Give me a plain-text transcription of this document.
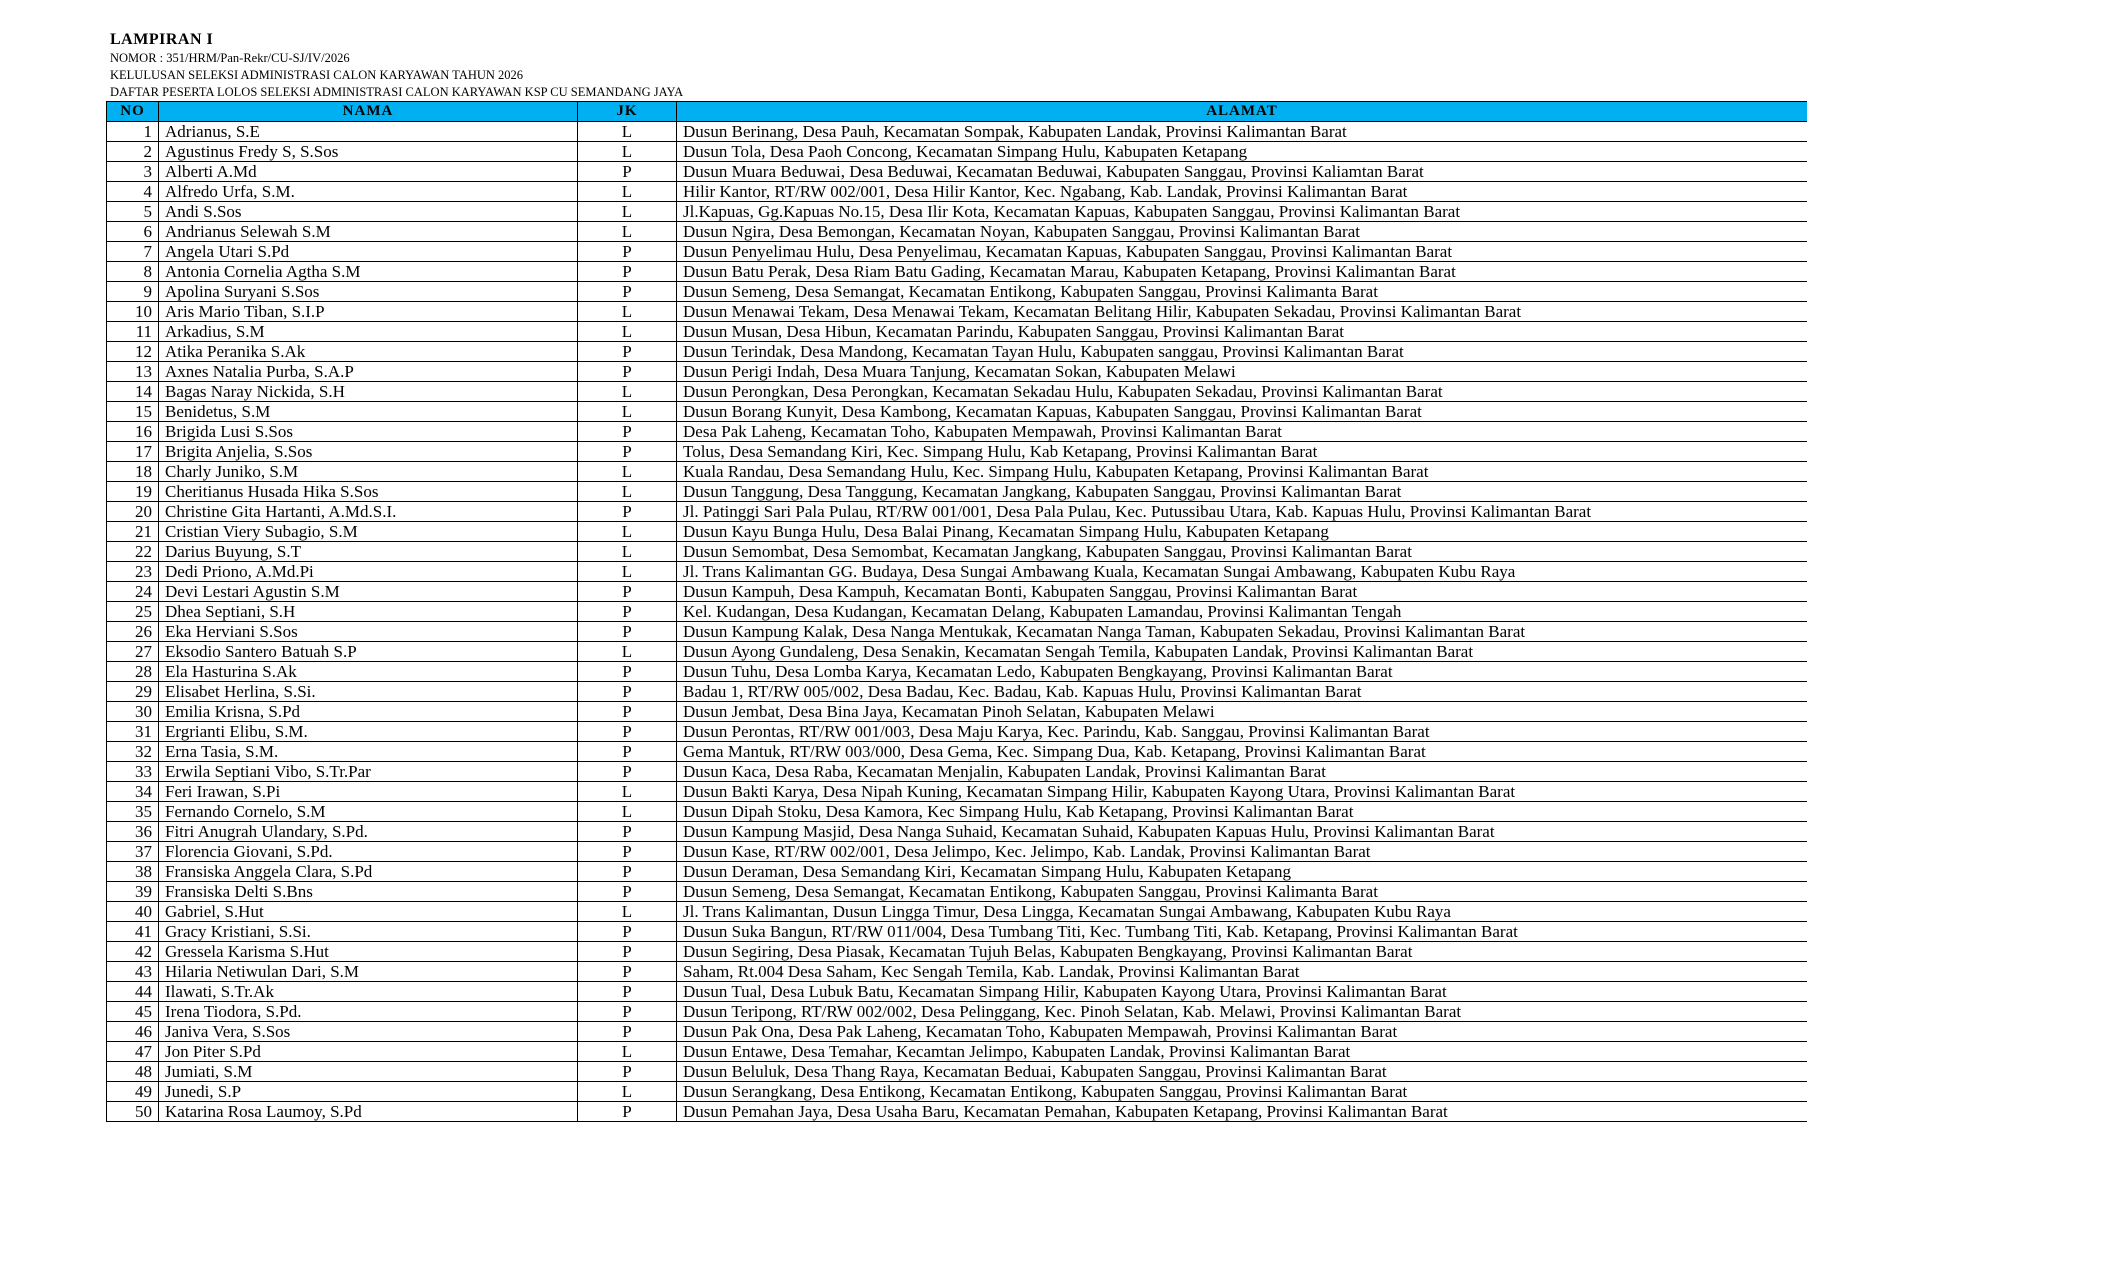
LAMPIRAN I
NOMOR : 351/HRM/Pan-Rekr/CU-SJ/IV/2026
KELULUSAN SELEKSI ADMINISTRASI CALON KARYAWAN TAHUN 2026
DAFTAR PESERTA LOLOS SELEKSI ADMINISTRASI CALON KARYAWAN KSP CU SEMANDANG JAYA
NO	NAMA	JK	ALAMAT
1	Adrianus, S.E	L	Dusun Berinang, Desa Pauh, Kecamatan Sompak, Kabupaten Landak, Provinsi Kalimantan Barat
2	Agustinus Fredy S, S.Sos	L	Dusun Tola, Desa Paoh Concong, Kecamatan Simpang Hulu, Kabupaten Ketapang
3	Alberti A.Md	P	Dusun Muara Beduwai, Desa Beduwai, Kecamatan Beduwai, Kabupaten Sanggau, Provinsi Kaliamtan Barat
4	Alfredo Urfa, S.M.	L	Hilir Kantor, RT/RW 002/001, Desa Hilir Kantor, Kec. Ngabang, Kab. Landak, Provinsi Kalimantan Barat
5	Andi S.Sos	L	Jl.Kapuas, Gg.Kapuas No.15, Desa Ilir Kota, Kecamatan Kapuas, Kabupaten Sanggau, Provinsi Kalimantan Barat
6	Andrianus Selewah S.M	L	Dusun Ngira, Desa Bemongan, Kecamatan Noyan, Kabupaten Sanggau, Provinsi Kalimantan Barat
7	Angela Utari S.Pd	P	Dusun Penyelimau Hulu, Desa Penyelimau, Kecamatan Kapuas, Kabupaten Sanggau, Provinsi Kalimantan Barat
8	Antonia Cornelia Agtha S.M	P	Dusun Batu Perak, Desa Riam Batu Gading, Kecamatan Marau, Kabupaten Ketapang, Provinsi Kalimantan Barat
9	Apolina Suryani S.Sos	P	Dusun Semeng, Desa Semangat, Kecamatan Entikong, Kabupaten Sanggau, Provinsi Kalimanta Barat
10	Aris Mario Tiban, S.I.P	L	Dusun Menawai Tekam, Desa Menawai Tekam, Kecamatan Belitang Hilir, Kabupaten Sekadau, Provinsi Kalimantan Barat
11	Arkadius, S.M	L	Dusun Musan, Desa Hibun, Kecamatan Parindu, Kabupaten Sanggau, Provinsi Kalimantan Barat
12	Atika Peranika S.Ak	P	Dusun Terindak, Desa Mandong, Kecamatan Tayan Hulu, Kabupaten sanggau, Provinsi Kalimantan Barat
13	Axnes Natalia Purba, S.A.P	P	Dusun Perigi Indah, Desa Muara Tanjung, Kecamatan Sokan, Kabupaten Melawi
14	Bagas Naray Nickida, S.H	L	Dusun Perongkan, Desa Perongkan, Kecamatan Sekadau Hulu, Kabupaten Sekadau, Provinsi Kalimantan Barat
15	Benidetus, S.M	L	Dusun Borang Kunyit, Desa Kambong, Kecamatan Kapuas, Kabupaten Sanggau, Provinsi Kalimantan Barat
16	Brigida Lusi S.Sos	P	Desa Pak Laheng, Kecamatan Toho, Kabupaten Mempawah, Provinsi Kalimantan Barat
17	Brigita Anjelia, S.Sos	P	Tolus, Desa Semandang Kiri, Kec. Simpang Hulu, Kab Ketapang, Provinsi Kalimantan Barat
18	Charly Juniko, S.M	L	Kuala Randau, Desa Semandang Hulu, Kec. Simpang Hulu, Kabupaten Ketapang, Provinsi Kalimantan Barat
19	Cheritianus Husada Hika S.Sos	L	Dusun Tanggung, Desa Tanggung, Kecamatan Jangkang, Kabupaten Sanggau, Provinsi Kalimantan Barat
20	Christine Gita Hartanti, A.Md.S.I.	P	Jl. Patinggi Sari Pala Pulau, RT/RW 001/001, Desa Pala Pulau, Kec. Putussibau Utara, Kab. Kapuas Hulu, Provinsi Kalimantan Barat
21	Cristian Viery Subagio, S.M	L	Dusun Kayu Bunga Hulu, Desa Balai Pinang, Kecamatan Simpang Hulu, Kabupaten Ketapang
22	Darius Buyung, S.T	L	Dusun Semombat, Desa Semombat, Kecamatan Jangkang, Kabupaten Sanggau, Provinsi Kalimantan Barat
23	Dedi Priono, A.Md.Pi	L	Jl. Trans Kalimantan GG. Budaya, Desa Sungai Ambawang Kuala, Kecamatan Sungai Ambawang, Kabupaten Kubu Raya
24	Devi Lestari Agustin S.M	P	Dusun Kampuh, Desa Kampuh, Kecamatan Bonti, Kabupaten Sanggau, Provinsi Kalimantan Barat
25	Dhea Septiani, S.H	P	Kel. Kudangan, Desa Kudangan, Kecamatan Delang, Kabupaten Lamandau, Provinsi Kalimantan Tengah
26	Eka Herviani S.Sos	P	Dusun Kampung Kalak, Desa Nanga Mentukak, Kecamatan Nanga Taman, Kabupaten Sekadau, Provinsi Kalimantan Barat
27	Eksodio Santero Batuah S.P	L	Dusun Ayong Gundaleng, Desa Senakin, Kecamatan Sengah Temila, Kabupaten Landak, Provinsi Kalimantan Barat
28	Ela Hasturina S.Ak	P	Dusun Tuhu, Desa Lomba Karya, Kecamatan Ledo, Kabupaten Bengkayang, Provinsi Kalimantan Barat
29	Elisabet Herlina, S.Si.	P	Badau 1, RT/RW 005/002, Desa Badau, Kec. Badau, Kab. Kapuas Hulu, Provinsi Kalimantan Barat
30	Emilia Krisna, S.Pd	P	Dusun Jembat, Desa Bina Jaya, Kecamatan Pinoh Selatan, Kabupaten Melawi
31	Ergrianti Elibu, S.M.	P	Dusun Perontas, RT/RW 001/003, Desa Maju Karya, Kec. Parindu, Kab. Sanggau, Provinsi Kalimantan Barat
32	Erna Tasia, S.M.	P	Gema Mantuk, RT/RW 003/000, Desa Gema, Kec. Simpang Dua, Kab. Ketapang, Provinsi Kalimantan Barat
33	Erwila Septiani Vibo, S.Tr.Par	P	Dusun Kaca, Desa Raba, Kecamatan Menjalin, Kabupaten Landak, Provinsi Kalimantan Barat
34	Feri Irawan, S.Pi	L	Dusun Bakti Karya, Desa Nipah Kuning, Kecamatan Simpang Hilir, Kabupaten Kayong Utara, Provinsi Kalimantan Barat
35	Fernando Cornelo, S.M	L	Dusun Dipah Stoku, Desa Kamora, Kec Simpang Hulu, Kab Ketapang, Provinsi Kalimantan Barat
36	Fitri Anugrah Ulandary, S.Pd.	P	Dusun Kampung Masjid, Desa Nanga Suhaid, Kecamatan Suhaid, Kabupaten Kapuas Hulu, Provinsi Kalimantan Barat
37	Florencia Giovani, S.Pd.	P	Dusun Kase, RT/RW 002/001, Desa Jelimpo, Kec. Jelimpo, Kab. Landak, Provinsi Kalimantan Barat
38	Fransiska Anggela Clara, S.Pd	P	Dusun Deraman, Desa Semandang Kiri, Kecamatan Simpang Hulu, Kabupaten Ketapang
39	Fransiska Delti S.Bns	P	Dusun Semeng, Desa Semangat, Kecamatan Entikong, Kabupaten Sanggau, Provinsi Kalimanta Barat
40	Gabriel, S.Hut	L	Jl. Trans Kalimantan, Dusun Lingga Timur, Desa Lingga, Kecamatan Sungai Ambawang, Kabupaten Kubu Raya
41	Gracy Kristiani, S.Si.	P	Dusun Suka Bangun, RT/RW 011/004, Desa Tumbang Titi, Kec. Tumbang Titi, Kab. Ketapang, Provinsi Kalimantan Barat
42	Gressela Karisma S.Hut	P	Dusun Segiring, Desa Piasak, Kecamatan Tujuh Belas, Kabupaten Bengkayang, Provinsi Kalimantan Barat
43	Hilaria Netiwulan Dari, S.M	P	Saham, Rt.004 Desa Saham, Kec Sengah Temila, Kab. Landak, Provinsi Kalimantan Barat
44	Ilawati, S.Tr.Ak	P	Dusun Tual, Desa Lubuk Batu, Kecamatan Simpang Hilir, Kabupaten Kayong Utara, Provinsi Kalimantan Barat
45	Irena Tiodora, S.Pd.	P	Dusun Teripong, RT/RW 002/002, Desa Pelinggang, Kec. Pinoh Selatan, Kab. Melawi, Provinsi Kalimantan Barat
46	Janiva Vera, S.Sos	P	Dusun Pak Ona, Desa Pak Laheng, Kecamatan Toho, Kabupaten Mempawah, Provinsi Kalimantan Barat
47	Jon Piter S.Pd	L	Dusun Entawe, Desa Temahar, Kecamtan Jelimpo, Kabupaten Landak, Provinsi Kalimantan Barat
48	Jumiati, S.M	P	Dusun Beluluk, Desa Thang Raya, Kecamatan Beduai, Kabupaten Sanggau, Provinsi Kalimantan Barat
49	Junedi, S.P	L	Dusun Serangkang, Desa Entikong, Kecamatan Entikong, Kabupaten Sanggau, Provinsi Kalimantan Barat
50	Katarina Rosa Laumoy, S.Pd	P	Dusun Pemahan Jaya, Desa Usaha Baru, Kecamatan Pemahan, Kabupaten Ketapang, Provinsi Kalimantan Barat
